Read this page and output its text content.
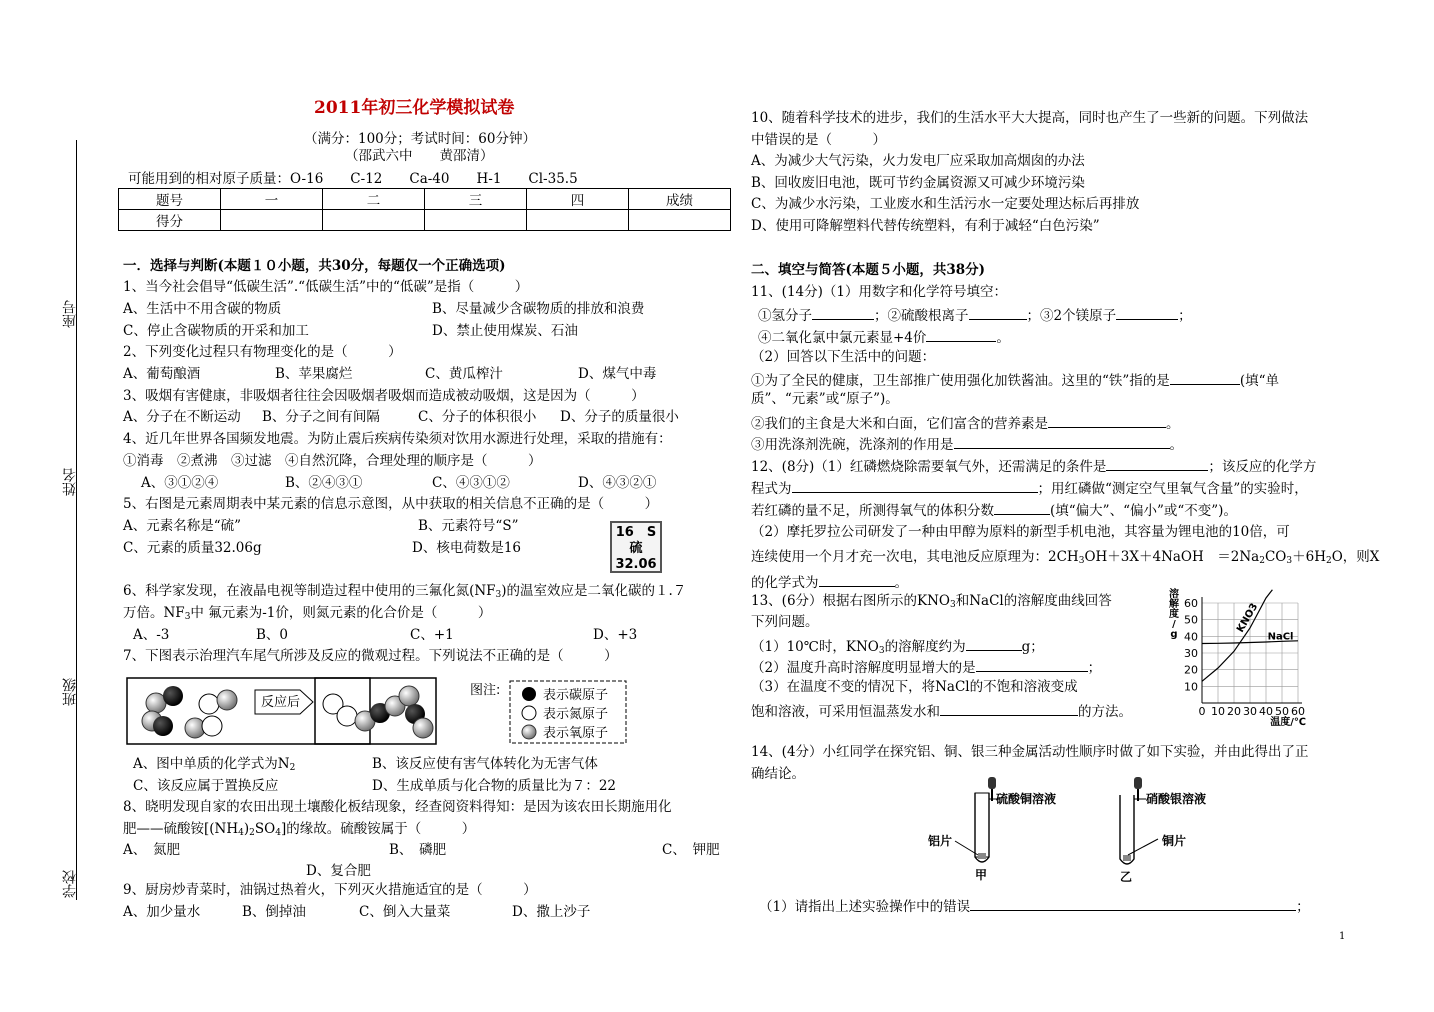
座号
姓名
班级
学校
2011年初三化学模拟试卷
（满分：100分；考试时间：60分钟）
（邵武六中　　黄邵清）
可能用到的相对原子质量：O-16　　C-12　　Ca-40　　H-1　　Cl-35.5
题号	一	二	三	四	成绩
得分					
一．选择与判断(本题１０小题，共30分，每题仅一个正确选项)
1、当今社会倡导“低碳生活”.“低碳生活”中的“低碳”是指（　　　）
A、生活中不用含碳的物质	B、尽量减少含碳物质的排放和浪费
C、停止含碳物质的开采和加工	D、禁止使用煤炭、石油
2、下列变化过程只有物理变化的是（　　　）
A、葡萄酿酒	B、苹果腐烂	C、黄瓜榨汁	D、煤气中毒
3、吸烟有害健康，非吸烟者往往会因吸烟者吸烟而造成被动吸烟，这是因为（　　　）
A、分子在不断运动 B、分子之间有间隔	C、分子的体积很小 D、分子的质量很小
4、近几年世界各国频发地震。为防止震后疾病传染须对饮用水源进行处理，采取的措施有：
①消毒　②煮沸　③过滤　④自然沉降，合理处理的顺序是（　　　）
A、③①②④	B、②④③①	C、④③①②	D、④③②①
5、右图是元素周期表中某元素的信息示意图，从中获取的相关信息不正确的是（　　　）
A、元素名称是“硫”	B、元素符号“S”
C、元素的质量32.06g	D、核电荷数是16
16　S
硫
32.06
6、科学家发现，在液晶电视等制造过程中使用的三氟化氮$(NF_3)$的温室效应是二氧化碳的１.７
万倍。$NF_3$中 氟元素为-1价，则氮元素的化合价是（　　　）
A、-3	B、0	C、+1	D、+3
7、下图表示治理汽车尾气所涉及反应的微观过程。下列说法不正确的是（　　　）
反应后
图注:	表示碳原子
表示氮原子
表示氧原子
A、图中单质的化学式为$N_2$	B、该反应使有害气体转化为无害气体
C、该反应属于置换反应	D、生成单质与化合物的质量比为７：22
8、晓明发现自家的农田出现土壤酸化板结现象，经查阅资料得知：是因为该农田长期施用化
肥——硫酸铵$[(NH_4)_2SO_4]$的缘故。硫酸铵属于（　　　）
A、　氮肥	B、　磷肥	C、　钾肥
D、复合肥
9、厨房炒青菜时，油锅过热着火，下列灭火措施适宜的是（　　　）
A、加少量水	B、倒掉油	C、倒入大量菜	D、撒上沙子
10、随着科学技术的进步，我们的生活水平大大提高，同时也产生了一些新的问题。下列做法
中错误的是（　　　）
A、为减少大气污染，火力发电厂应采取加高烟囱的办法
B、回收废旧电池，既可节约金属资源又可减少环境污染
C、为减少水污染，工业废水和生活污水一定要处理达标后再排放
D、使用可降解塑料代替传统塑料，有利于减轻“白色污染”
二、填空与简答(本题５小题，共38分)
11、(14分)（1）用数字和化学符号填空：
①氢分子	；②硫酸根离子	；③2个镁原子	；
④二氧化氯中氯元素显+4价	。
（2）回答以下生活中的问题：
①为了全民的健康，卫生部推广使用强化加铁酱油。这里的“铁”指的是	(填“单
质”、“元素”或“原子”)。
②我们的主食是大米和白面，它们富含的营养素是	。
③用洗涤剂洗碗，洗涤剂的作用是	。
12、(8分)（1）红磷燃烧除需要氧气外，还需满足的条件是	；该反应的化学方
程式为	；用红磷做“测定空气里氧气含量”的实验时，
若红磷的量不足，所测得氧气的体积分数	(填“偏大”、“偏小”或“不变”)。
（2）摩托罗拉公司研发了一种由甲醇为原料的新型手机电池，其容量为锂电池的10倍，可
连续使用一个月才充一次电，其电池反应原理为：$2CH_3OH+3X+4NaOH$　$=2Na_2CO_3+6H_2O$，则X
的化学式为	。
13、(6分）根据右图所示的$KNO_3$和NaCl的溶解度曲线回答
下列问题。
（1）10℃时，$KNO_3$的溶解度约为	g；
（2）温度升高时溶解度明显增大的是	；
（3）在温度不变的情况下，将NaCl的不饱和溶液变成
饱和溶液，可采用恒温蒸发水和	的方法。
60
50
40
30
20
10
0 10 20 30 40 50 60
溶
解
度
/
g
温度/℃
KNO3
NaCl
14、(4分）小红同学在探究铝、铜、银三种金属活动性顺序时做了如下实验，并由此得出了正
确结论。
硫酸铜溶液
铝片
甲
硝酸银溶液
铜片
乙
（1）请指出上述实验操作中的错误	；
1
